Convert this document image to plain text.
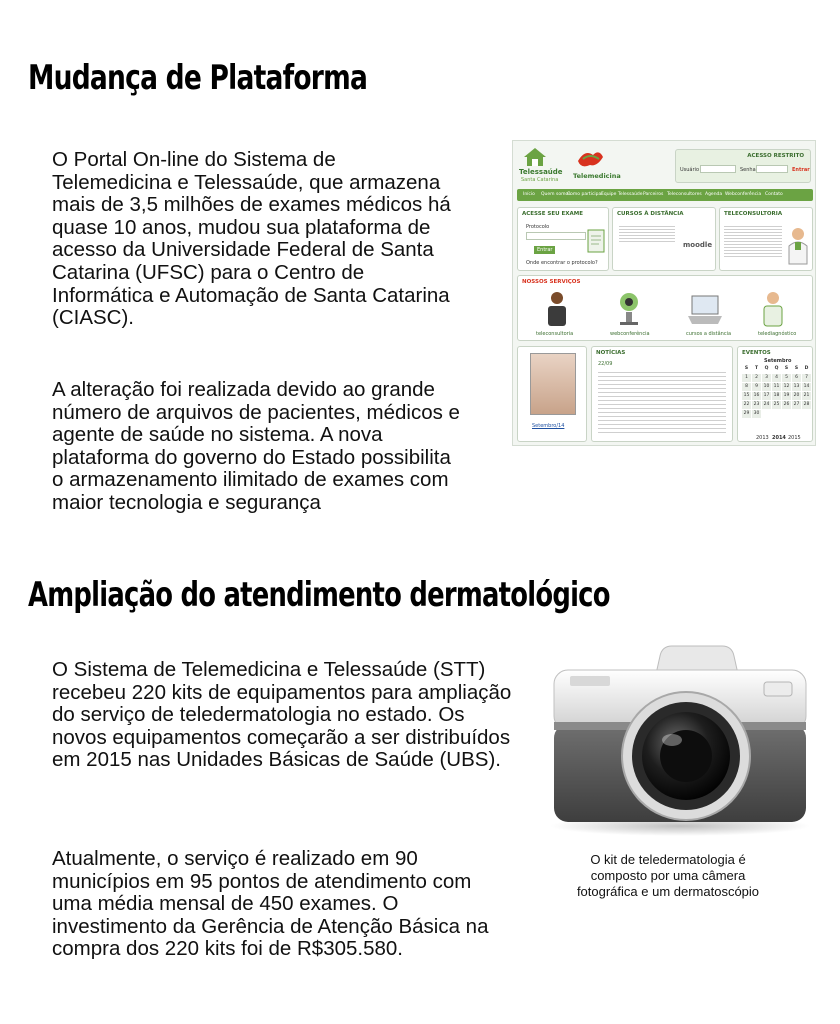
Mudança de Plataforma

O Portal On-line do Sistema de Telemedicina e Telessaúde, que armazena mais de 3,5 milhões de exames médicos há quase 10 anos, mudou sua plataforma de acesso da Universidade Federal de Santa Catarina (UFSC) para o Centro de Informática e Automação de Santa Catarina (CIASC).

A alteração foi realizada devido ao grande número de arquivos de pacientes, médicos e agente de saúde no sistema. A nova plataforma do governo do Estado possibilita o armazenamento ilimitado de exames com maior tecnologia e segurança

Telessaúde
Santa Catarina Telemedicina
ACESSO RESTRITO
Usuário	Senha	Entrar
Início Quem somos
Como participar
Equipe Telessaúde Parceiros Teleconsultores Agenda Webconferência Contato
ACESSE SEU EXAME
Protocolo
Entrar
Onde encontrar o protocolo?
CURSOS À DISTÂNCIA
moodle
TELECONSULTORIA
NOSSOS SERVIÇOS
teleconsultoria	webconferência	cursos a distância	telediagnóstico
Setembro/14
NOTÍCIAS
22/09
EVENTOS
Setembro
S	T	Q	Q	S	S	D
1	2	3	4	5	6	7
8	9	10 11 12 13 14
15 16 17 18 19 20 21
22 23 24 25 26 27 28
29 30
2013 2014 2015
Ampliação do atendimento dermatológico

O Sistema de Telemedicina e Telessaúde (STT) recebeu 220 kits de equipamentos para ampliação do serviço de teledermatologia no estado. Os novos equipamentos começarão a ser distribuídos em 2015 nas Unidades Básicas de Saúde (UBS).

Atualmente, o serviço é realizado em 90 municípios em 95 pontos de atendimento com uma média mensal de 450 exames. O investimento da Gerência de Atenção Básica na compra dos 220 kits foi de R$305.580.

O kit de teledermatologia é composto por uma câmera fotográfica e um dermatoscópio
